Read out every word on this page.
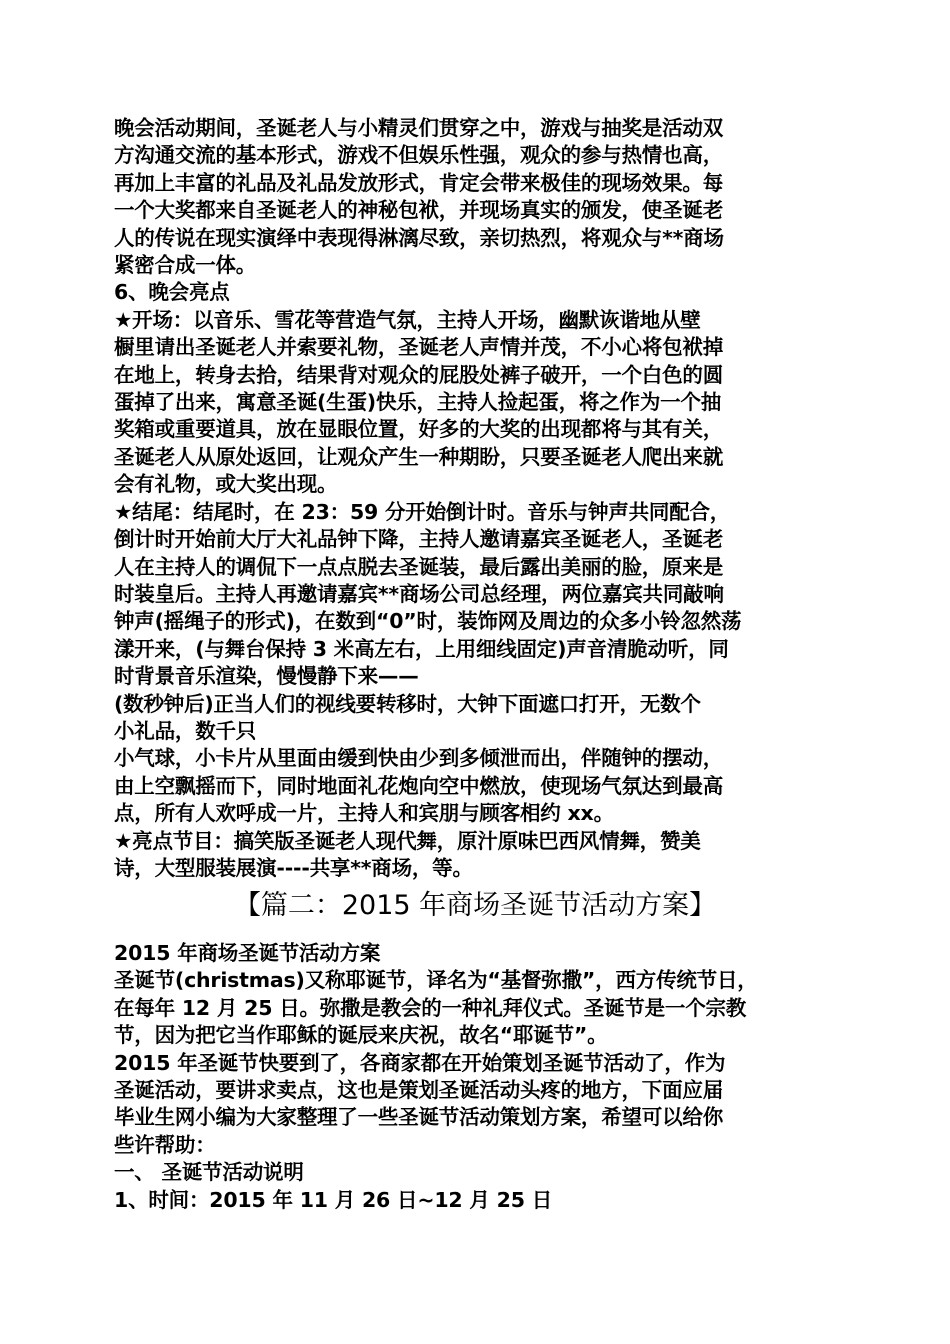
晚会活动期间，圣诞老人与小精灵们贯穿之中，游戏与抽奖是活动双

方沟通交流的基本形式，游戏不但娱乐性强，观众的参与热情也高，

再加上丰富的礼品及礼品发放形式，肯定会带来极佳的现场效果。每

一个大奖都来自圣诞老人的神秘包袱，并现场真实的颁发，使圣诞老

人的传说在现实演绎中表现得淋漓尽致，亲切热烈，将观众与**商场

紧密合成一体。

6、晚会亮点

★开场：以音乐、雪花等营造气氛，主持人开场，幽默诙谐地从壁

橱里请出圣诞老人并索要礼物，圣诞老人声情并茂，不小心将包袱掉

在地上，转身去拾，结果背对观众的屁股处裤子破开，一个白色的圆

蛋掉了出来，寓意圣诞(生蛋)快乐，主持人捡起蛋，将之作为一个抽

奖箱或重要道具，放在显眼位置，好多的大奖的出现都将与其有关，

圣诞老人从原处返回，让观众产生一种期盼，只要圣诞老人爬出来就

会有礼物，或大奖出现。

★结尾：结尾时，在 23：59 分开始倒计时。音乐与钟声共同配合，

倒计时开始前大厅大礼品钟下降，主持人邀请嘉宾圣诞老人，圣诞老

人在主持人的调侃下一点点脱去圣诞装，最后露出美丽的脸，原来是

时装皇后。主持人再邀请嘉宾**商场公司总经理，两位嘉宾共同敲响

钟声(摇绳子的形式)，在数到“0”时，装饰网及周边的众多小铃忽然荡

漾开来，(与舞台保持 3 米高左右，上用细线固定)声音清脆动听，同

时背景音乐渲染，慢慢静下来——

(数秒钟后)正当人们的视线要转移时，大钟下面遮口打开，无数个

小礼品，数千只

小气球，小卡片从里面由缓到快由少到多倾泄而出，伴随钟的摆动，

由上空飘摇而下，同时地面礼花炮向空中燃放，使现场气氛达到最高

点，所有人欢呼成一片，主持人和宾朋与顾客相约 xx。

★亮点节目：搞笑版圣诞老人现代舞，原汁原味巴西风情舞，赞美

诗，大型服装展演----共享**商场，等。

【篇二：2015 年商场圣诞节活动方案】

2015 年商场圣诞节活动方案

圣诞节(christmas)又称耶诞节，译名为“基督弥撒”，西方传统节日，

在每年 12 月 25 日。弥撒是教会的一种礼拜仪式。圣诞节是一个宗教

节，因为把它当作耶稣的诞辰来庆祝，故名“耶诞节”。

2015 年圣诞节快要到了，各商家都在开始策划圣诞节活动了，作为

圣诞活动，要讲求卖点，这也是策划圣诞活动头疼的地方，下面应届

毕业生网小编为大家整理了一些圣诞节活动策划方案，希望可以给你

些许帮助：

一、 圣诞节活动说明

1、时间：2015 年 11 月 26 日~12 月 25 日
